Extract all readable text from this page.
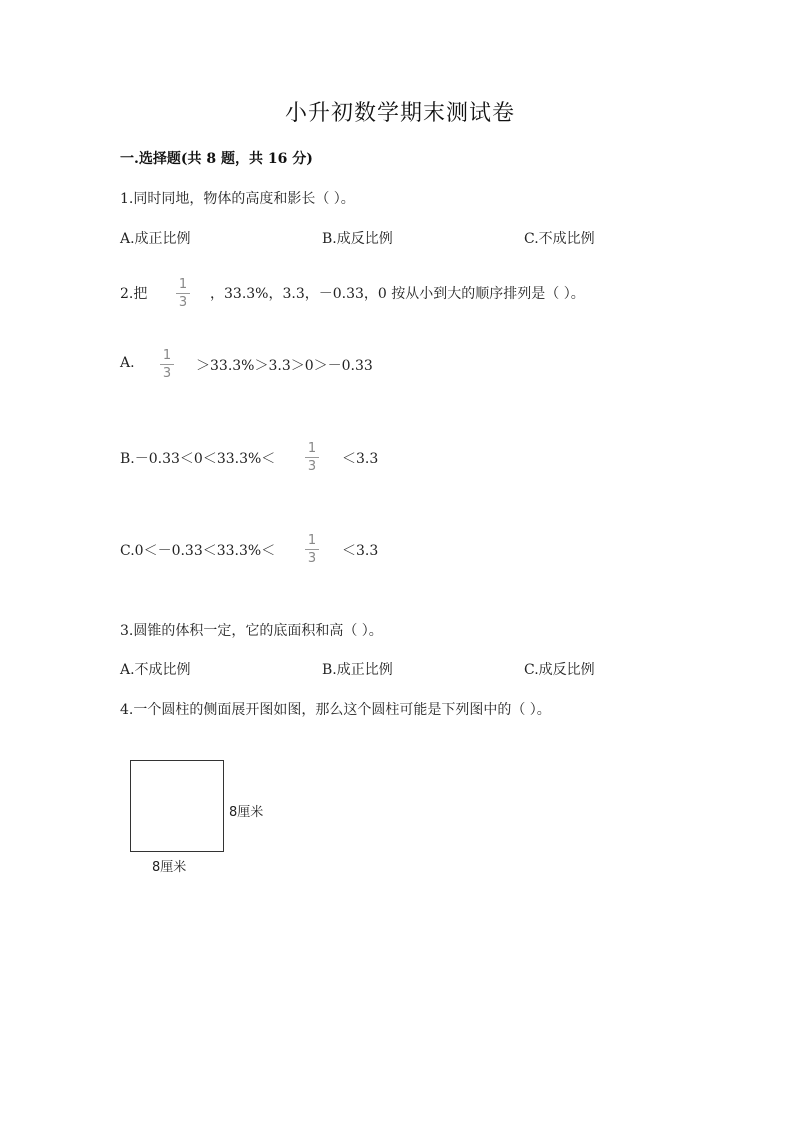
小升初数学期末测试卷
一.选择题(共 8 题，共 16 分)
1.同时同地，物体的高度和影长（ ）。
A.成正比例	B.成反比例	C.不成比例
2.把
1
3
，33.3%，3.3，－0.33，0 按从小到大的顺序排列是（ ）。
A.	1
3	＞33.3%＞3.3＞0＞－0.33
B.－0.33＜0＜33.3%＜
1
3	＜3.3
C.0＜－0.33＜33.3%＜
1
3	＜3.3
3.圆锥的体积一定，它的底面积和高（ ）。
A.不成比例	B.成正比例	C.成反比例
4.一个圆柱的侧面展开图如图，那么这个圆柱可能是下列图中的（ ）。
8厘米
8厘米
